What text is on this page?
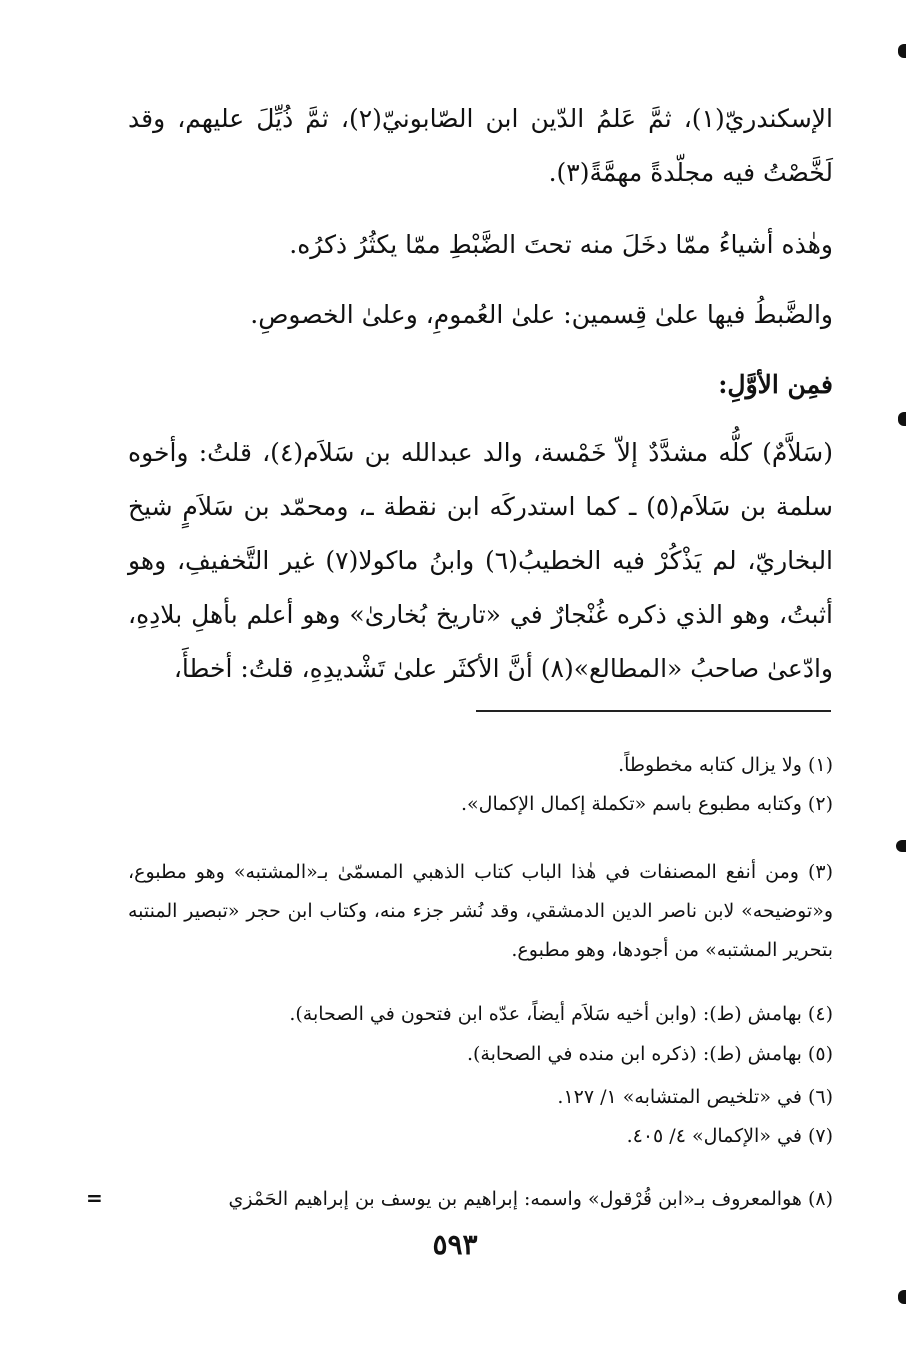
الإسكندريّ(١)، ثمَّ عَلمُ الدّين ابن الصّابونيّ(٢)، ثمَّ ذُيِّلَ عليهم، وقد لَخَّصْتُ فيه مجلّدةً مهمَّةً(٣).

وهٰذه أشياءُ ممّا دخَلَ منه تحتَ الضَّبْطِ ممّا يكثُرُ ذكرُه.

والضَّبطُ فيها علىٰ قِسمين: علىٰ العُمومِ، وعلىٰ الخصوصِ.

فمِن الأوَّلِ:

(سَلاَّمٌ) كلُّه مشدَّدٌ إلاّ خَمْسة، والد عبدالله بن سَلاَم(٤)، قلتُ: وأخوه سلمة بن سَلاَم(٥) ـ كما استدركَه ابن نقطة ـ، ومحمّد بن سَلاَمٍ شيخ البخاريّ، لم يَذْكُرْ فيه الخطيبُ(٦) وابنُ ماكولا(٧) غير التَّخفيفِ، وهو أثبتُ، وهو الذي ذكره غُنْجارٌ في «تاريخ بُخارىٰ» وهو أعلم بأهلِ بلادِهِ، وادّعىٰ صاحبُ «المطالع»(٨) أنَّ الأكثَر علىٰ تَشْديدِهِ، قلتُ: أخطأَ،

(١) ولا يزال كتابه مخطوطاً.

(٢) وكتابه مطبوع باسم «تكملة إكمال الإكمال».

(٣) ومن أنفع المصنفات في هٰذا الباب كتاب الذهبي المسمّىٰ بـ«المشتبه» وهو مطبوع، و«توضيحه» لابن ناصر الدين الدمشقي، وقد نُشر جزء منه، وكتاب ابن حجر «تبصير المنتبه بتحرير المشتبه» من أجودها، وهو مطبوع.

(٤) بهامش (ط): (وابن أخيه سَلاَم أيضاً، عدّه ابن فتحون في الصحابة).

(٥) بهامش (ط): (ذكره ابن منده في الصحابة).

(٦) في «تلخيص المتشابه» ١/ ١٢٧.

(٧) في «الإكمال» ٤/ ٤٠٥.

(٨) هوالمعروف بـ«ابن قُرْقول» واسمه: إبراهيم بن يوسف بن إبراهيم الحَمْزي

=
٥٩٣
